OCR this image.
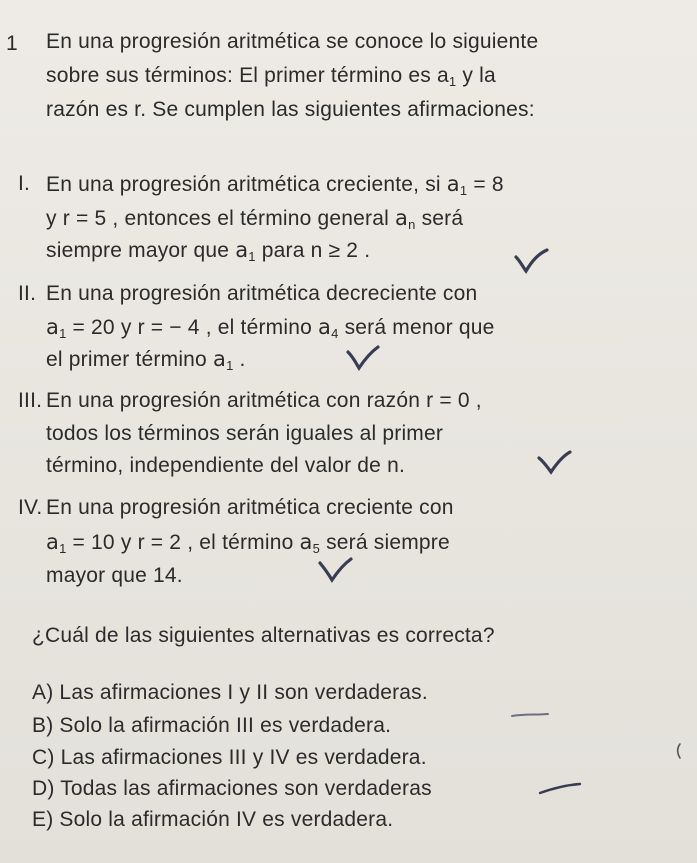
1 En una progresión aritmética se conoce lo siguiente
sobre sus términos: El primer término es $a_1$ y la
razón es r. Se cumplen las siguientes afirmaciones:
I. En una progresión aritmética creciente, si $a_1 = 8$
y r = 5 , entonces el término general $a_n$ será
siempre mayor que $a_1$ para n ≥ 2 .
II. En una progresión aritmética decreciente con
$a_1 = 20$ y r = − 4 , el término $a_4$ será menor que
el primer término $a_1$ .
III. En una progresión aritmética con razón r = 0 ,
todos los términos serán iguales al primer
término, independiente del valor de n.
IV. En una progresión aritmética creciente con
$a_1 = 10$ y r = 2 , el término $a_5$ será siempre
mayor que 14.
¿Cuál de las siguientes alternativas es correcta?
A) Las afirmaciones I y II son verdaderas.
B) Solo la afirmación III es verdadera.
C) Las afirmaciones III y IV es verdadera.
D) Todas las afirmaciones son verdaderas
E) Solo la afirmación IV es verdadera.
